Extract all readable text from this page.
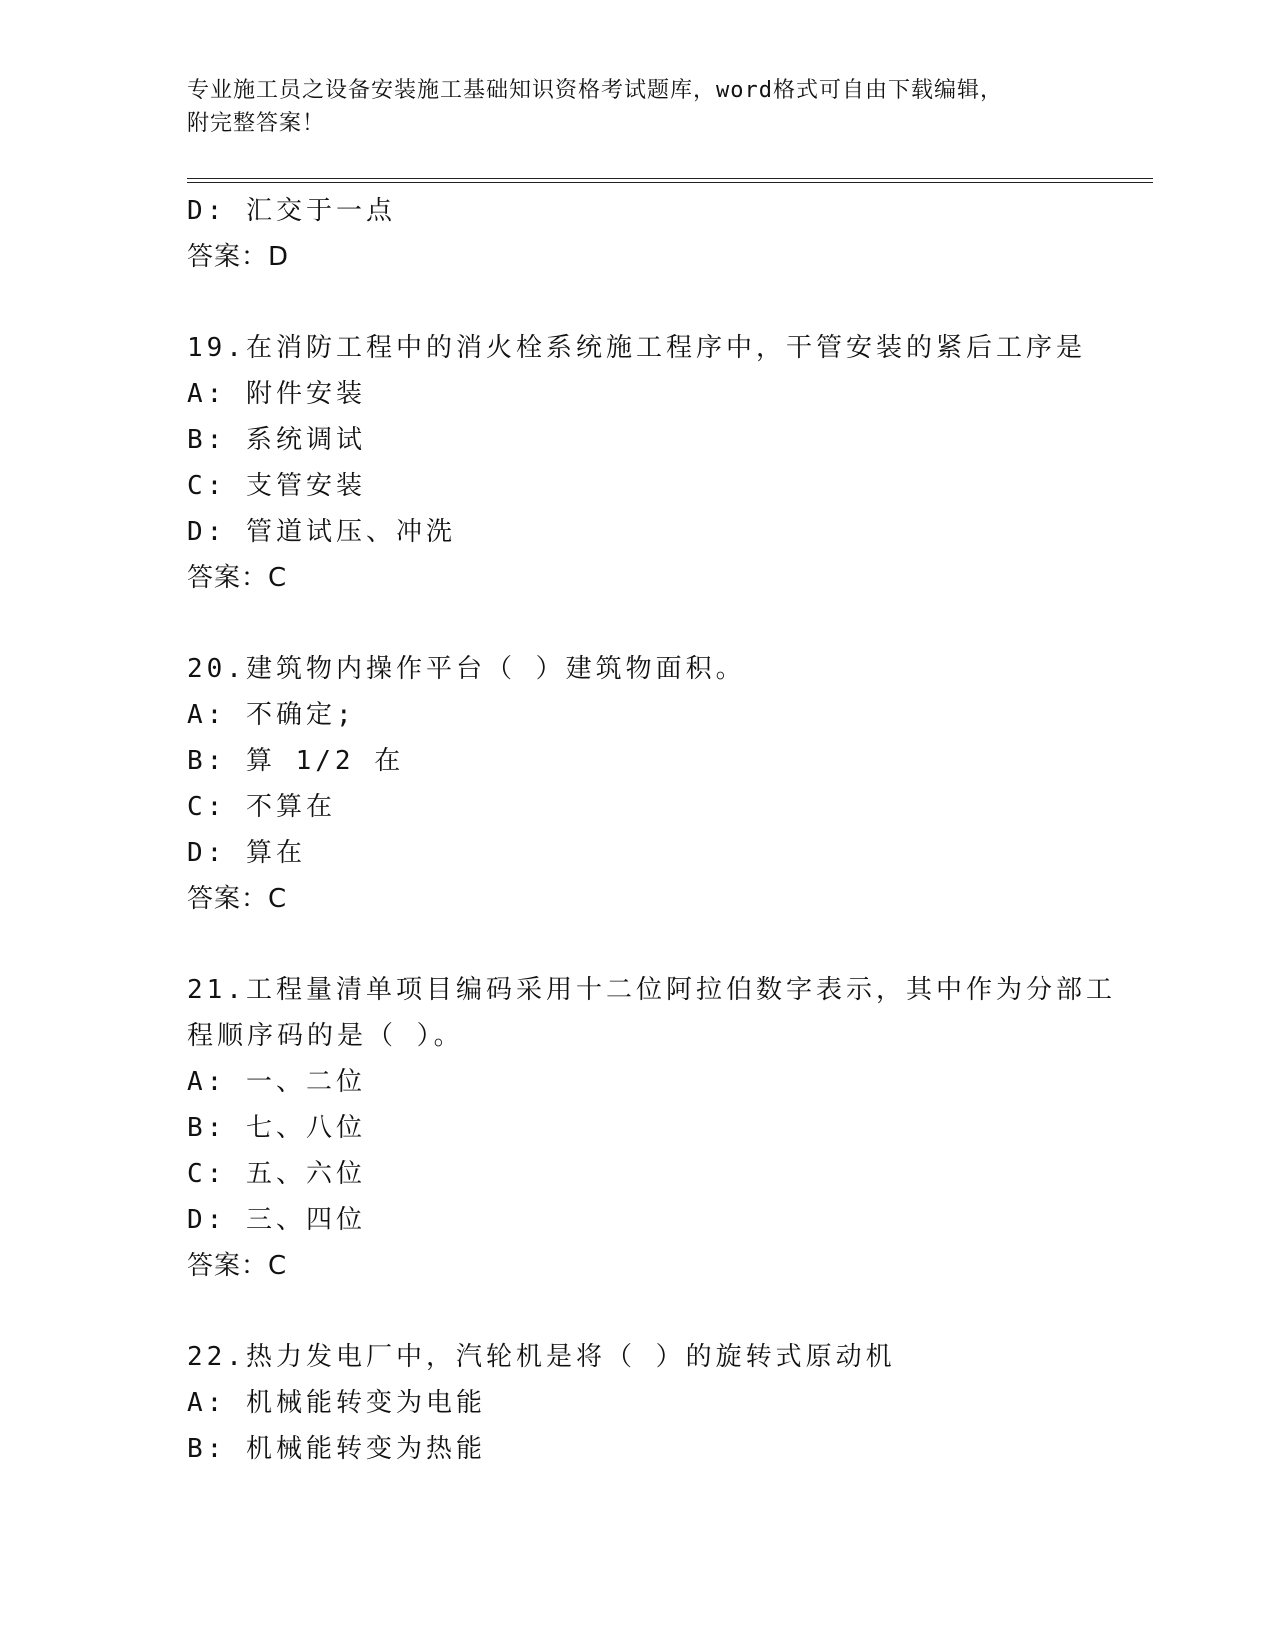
专业施工员之设备安装施工基础知识资格考试题库，word格式可自由下载编辑，
附完整答案！
D: 汇交于一点
答案：D
19.在消防工程中的消火栓系统施工程序中，干管安装的紧后工序是
A: 附件安装
B: 系统调试
C: 支管安装
D: 管道试压、冲洗
答案：C
20.建筑物内操作平台（ ）建筑物面积。
A: 不确定;
B: 算 1/2 在
C: 不算在
D: 算在
答案：C
21.工程量清单项目编码采用十二位阿拉伯数字表示，其中作为分部工
程顺序码的是（ ）。
A: 一、二位
B: 七、八位
C: 五、六位
D: 三、四位
答案：C
22.热力发电厂中，汽轮机是将（ ）的旋转式原动机
A: 机械能转变为电能
B: 机械能转变为热能
